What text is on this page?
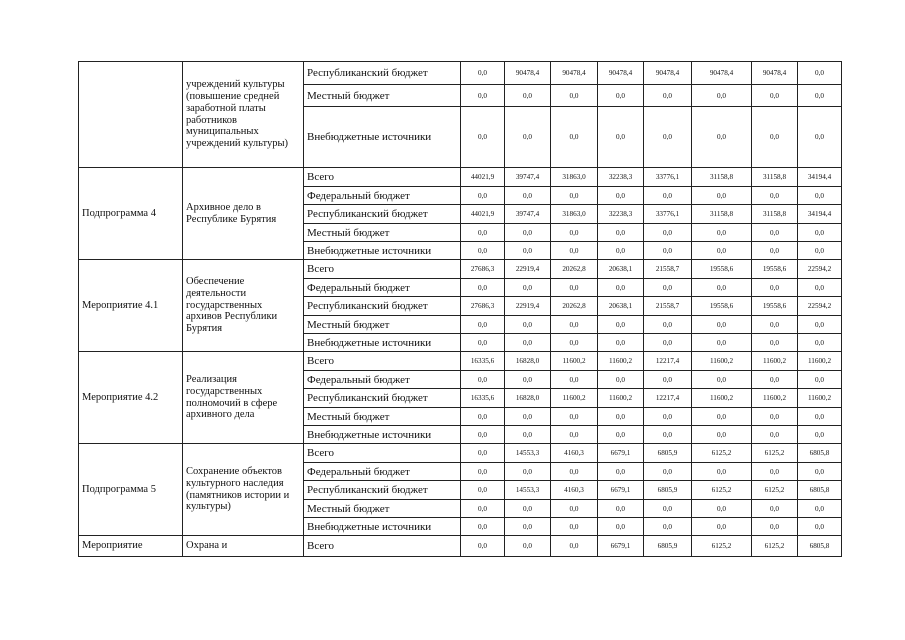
	учреждений культуры (повышение средней заработной платы работников муниципальных учреждений культуры)	Республиканский бюджет	0,0	90478,4	90478,4	90478,4	90478,4	90478,4	90478,4	0,0
		Местный бюджет	0,0	0,0	0,0	0,0	0,0	0,0	0,0	0,0
		Внебюджетные источники	0,0	0,0	0,0	0,0	0,0	0,0	0,0	0,0
Подпрограмма 4	Архивное дело в Республике Бурятия	Всего	44021,9	39747,4	31863,0	32238,3	33776,1	31158,8	31158,8	34194,4
		Федеральный бюджет	0,0	0,0	0,0	0,0	0,0	0,0	0,0	0,0
		Республиканский бюджет	44021,9	39747,4	31863,0	32238,3	33776,1	31158,8	31158,8	34194,4
		Местный бюджет	0,0	0,0	0,0	0,0	0,0	0,0	0,0	0,0
		Внебюджетные источники	0,0	0,0	0,0	0,0	0,0	0,0	0,0	0,0
Мероприятие 4.1	Обеспечение деятельности государственных архивов Республики Бурятия	Всего	27686,3	22919,4	20262,8	20638,1	21558,7	19558,6	19558,6	22594,2
		Федеральный бюджет	0,0	0,0	0,0	0,0	0,0	0,0	0,0	0,0
		Республиканский бюджет	27686,3	22919,4	20262,8	20638,1	21558,7	19558,6	19558,6	22594,2
		Местный бюджет	0,0	0,0	0,0	0,0	0,0	0,0	0,0	0,0
		Внебюджетные источники	0,0	0,0	0,0	0,0	0,0	0,0	0,0	0,0
Мероприятие 4.2	Реализация государственных полномочий в сфере архивного дела	Всего	16335,6	16828,0	11600,2	11600,2	12217,4	11600,2	11600,2	11600,2
		Федеральный бюджет	0,0	0,0	0,0	0,0	0,0	0,0	0,0	0,0
		Республиканский бюджет	16335,6	16828,0	11600,2	11600,2	12217,4	11600,2	11600,2	11600,2
		Местный бюджет	0,0	0,0	0,0	0,0	0,0	0,0	0,0	0,0
		Внебюджетные источники	0,0	0,0	0,0	0,0	0,0	0,0	0,0	0,0
Подпрограмма 5	Сохранение объектов культурного наследия (памятников истории и культуры)	Всего	0,0	14553,3	4160,3	6679,1	6805,9	6125,2	6125,2	6805,8
		Федеральный бюджет	0,0	0,0	0,0	0,0	0,0	0,0	0,0	0,0
		Республиканский бюджет	0,0	14553,3	4160,3	6679,1	6805,9	6125,2	6125,2	6805,8
		Местный бюджет	0,0	0,0	0,0	0,0	0,0	0,0	0,0	0,0
		Внебюджетные источники	0,0	0,0	0,0	0,0	0,0	0,0	0,0	0,0
Мероприятие	Охрана и	Всего	0,0	0,0	0,0	6679,1	6805,9	6125,2	6125,2	6805,8
